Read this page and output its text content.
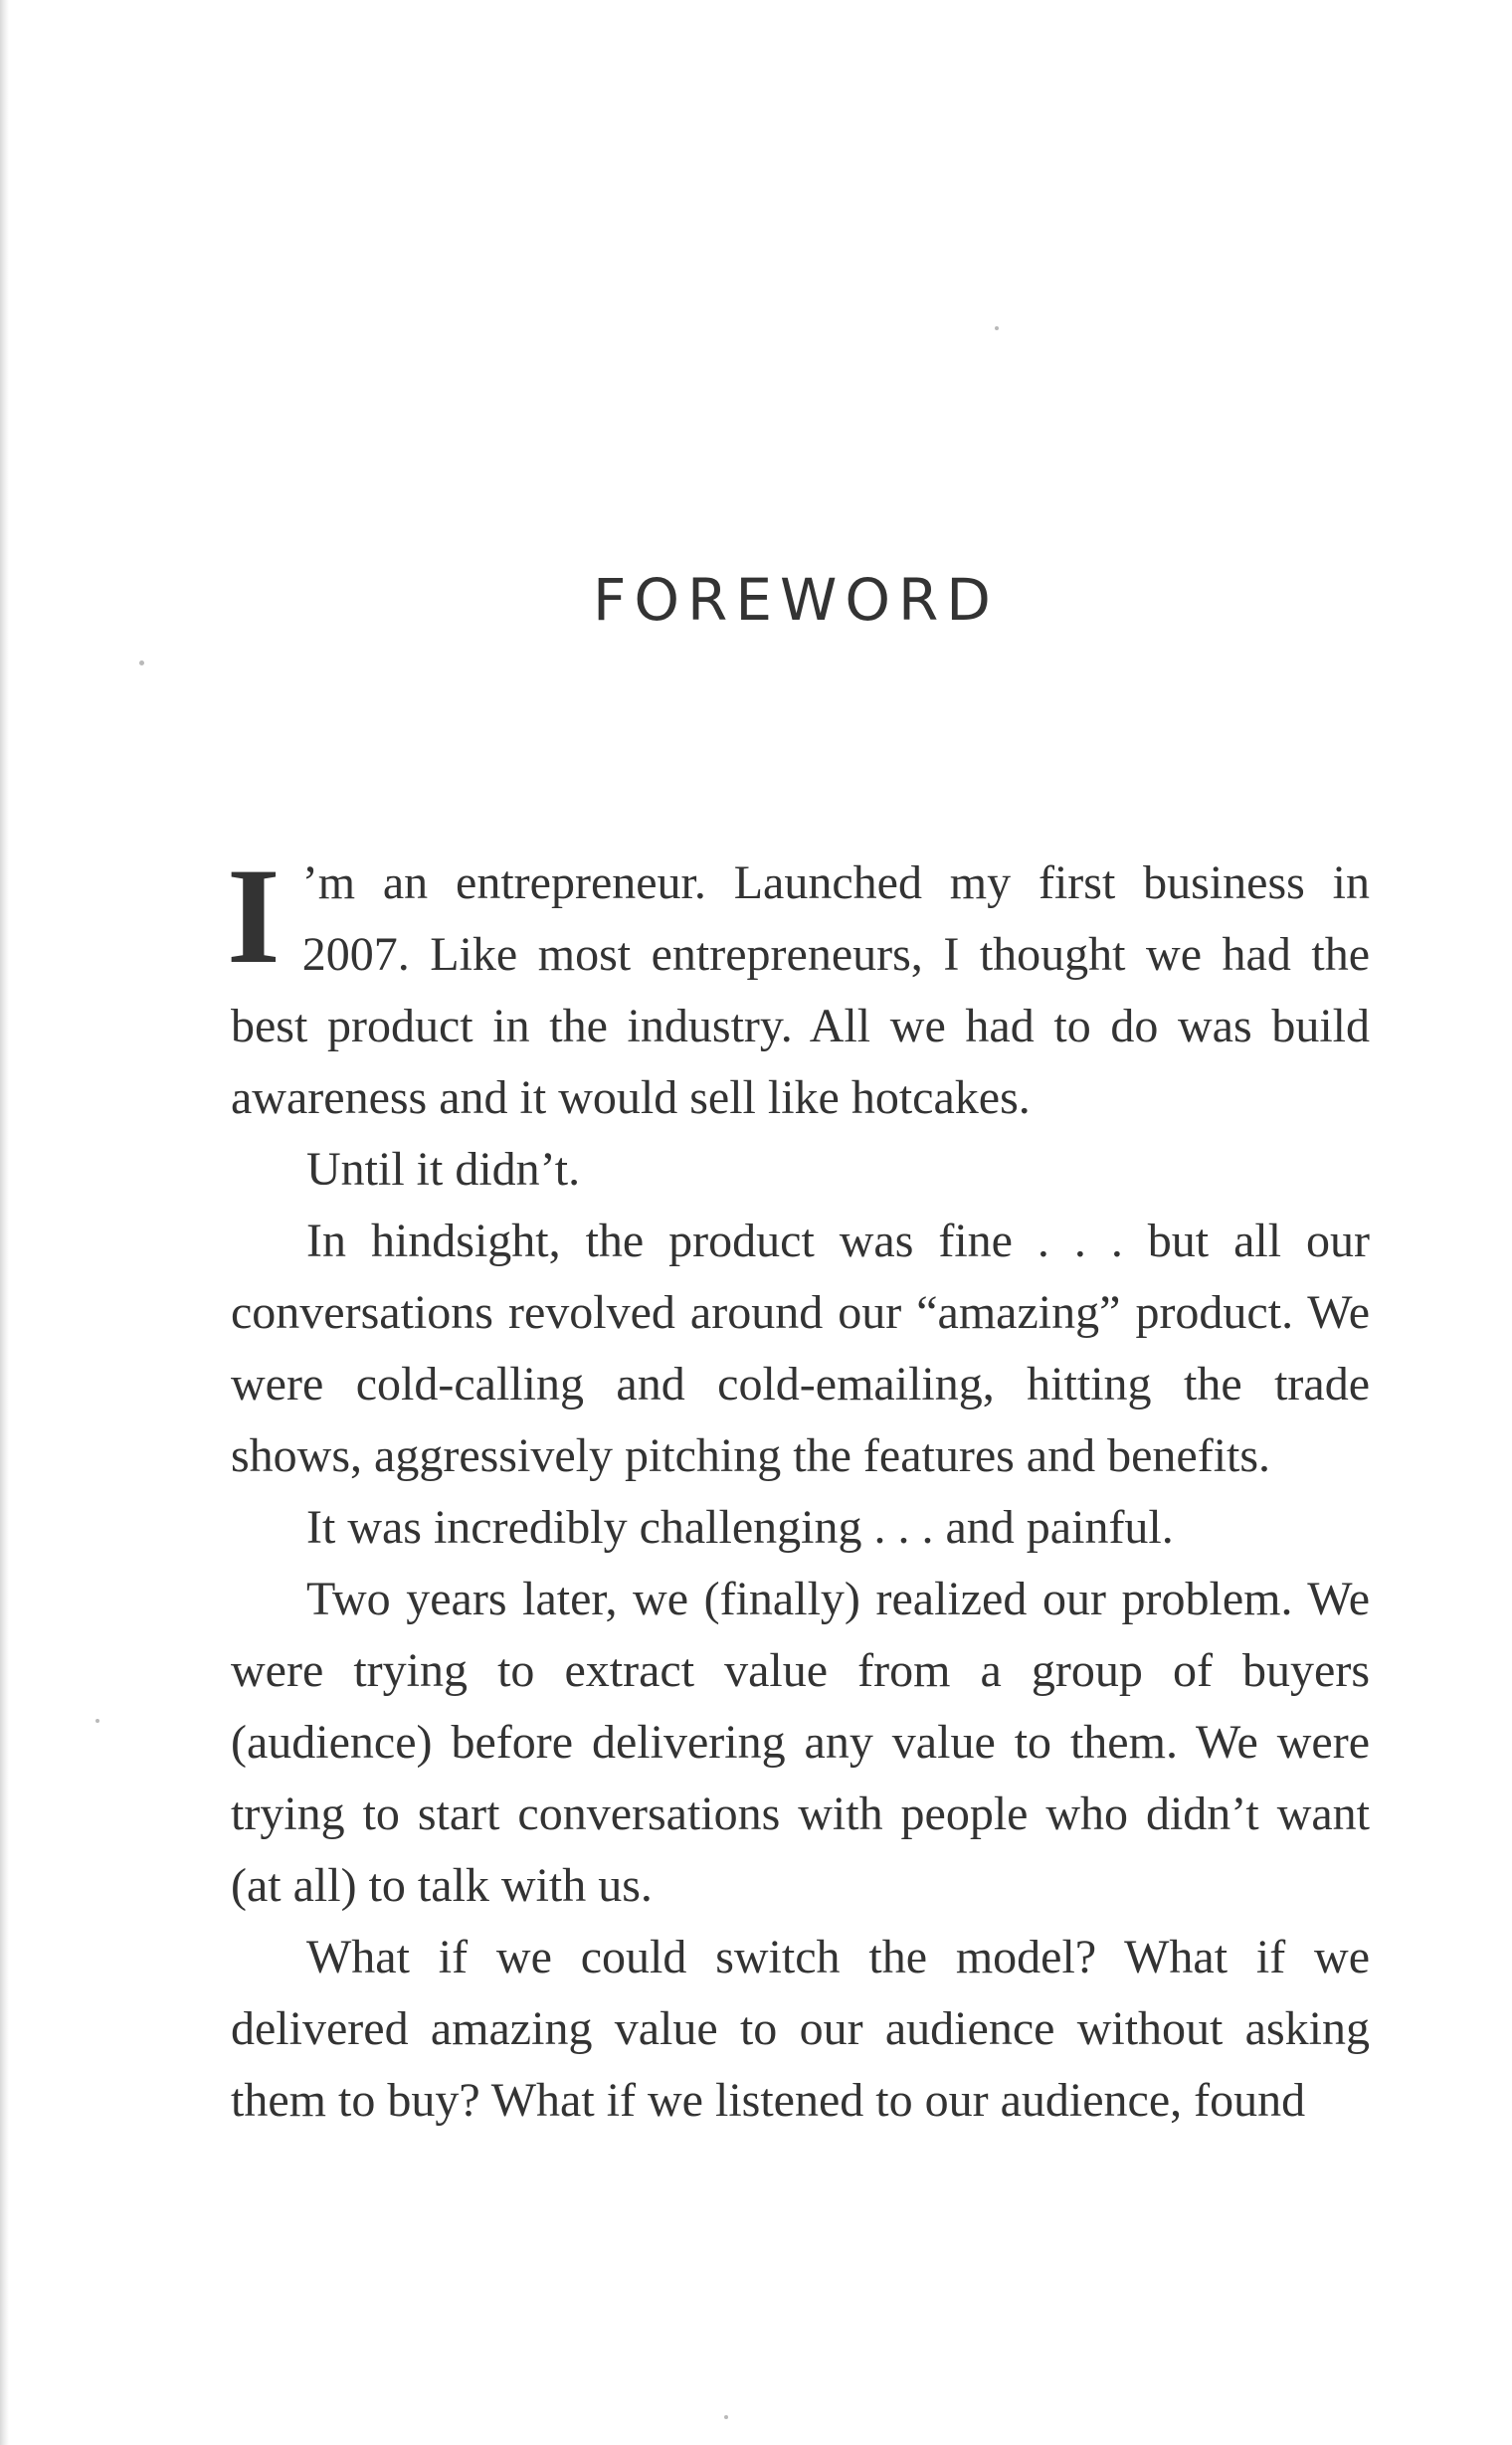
FOREWORD

I ’m an entrepreneur. Launched my first business in 2007. Like most entrepreneurs, I thought we had the best product in the industry. All we had to do was build awareness and it would sell like hotcakes.

Until it didn’t.

In hindsight, the product was fine . . . but all our conversations revolved around our “amazing” product. We were cold-calling and cold-emailing, hitting the trade shows, aggressively pitching the features and benefits.

It was incredibly challenging . . . and painful.

Two years later, we (finally) realized our problem. We were trying to extract value from a group of buyers (audience) before delivering any value to them. We were trying to start conversations with people who didn’t want (at all) to talk with us.

What if we could switch the model? What if we delivered amazing value to our audience without asking them to buy? What if we listened to our audience, found
